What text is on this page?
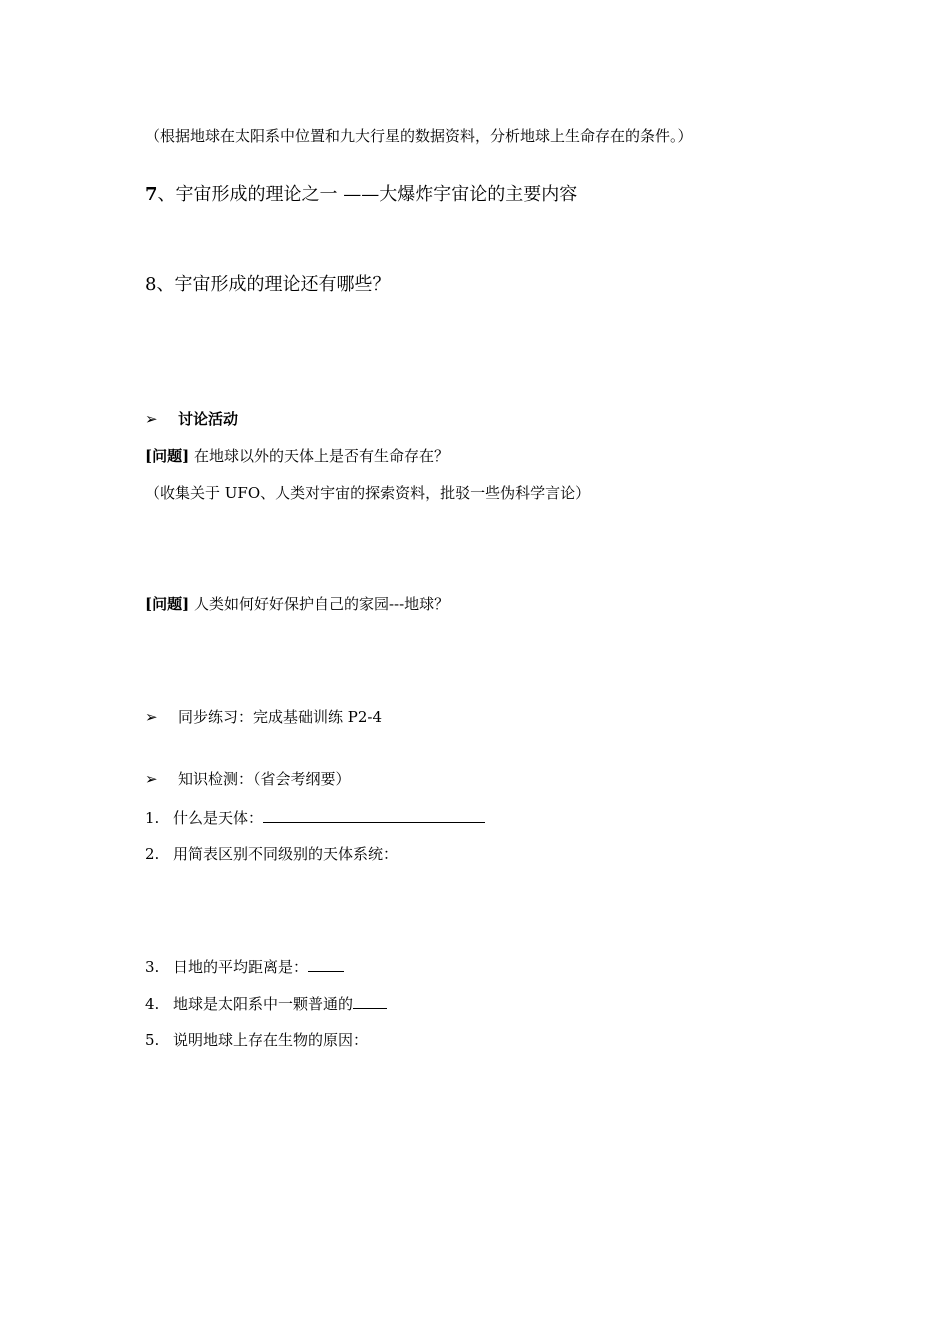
（根据地球在太阳系中位置和九大行星的数据资料，分析地球上生命存在的条件。）
7、宇宙形成的理论之一 ——大爆炸宇宙论的主要内容
8、宇宙形成的理论还有哪些？
➢ 讨论活动
[问题] 在地球以外的天体上是否有生命存在？
（收集关于 UFO、人类对宇宙的探索资料，批驳一些伪科学言论）
[问题] 人类如何好好保护自己的家园---地球？
➢ 同步练习：完成基础训练 P2-4
➢ 知识检测：（省会考纲要）
1. 什么是天体：
2. 用简表区别不同级别的天体系统：
3. 日地的平均距离是：
4. 地球是太阳系中一颗普通的
5. 说明地球上存在生物的原因：
